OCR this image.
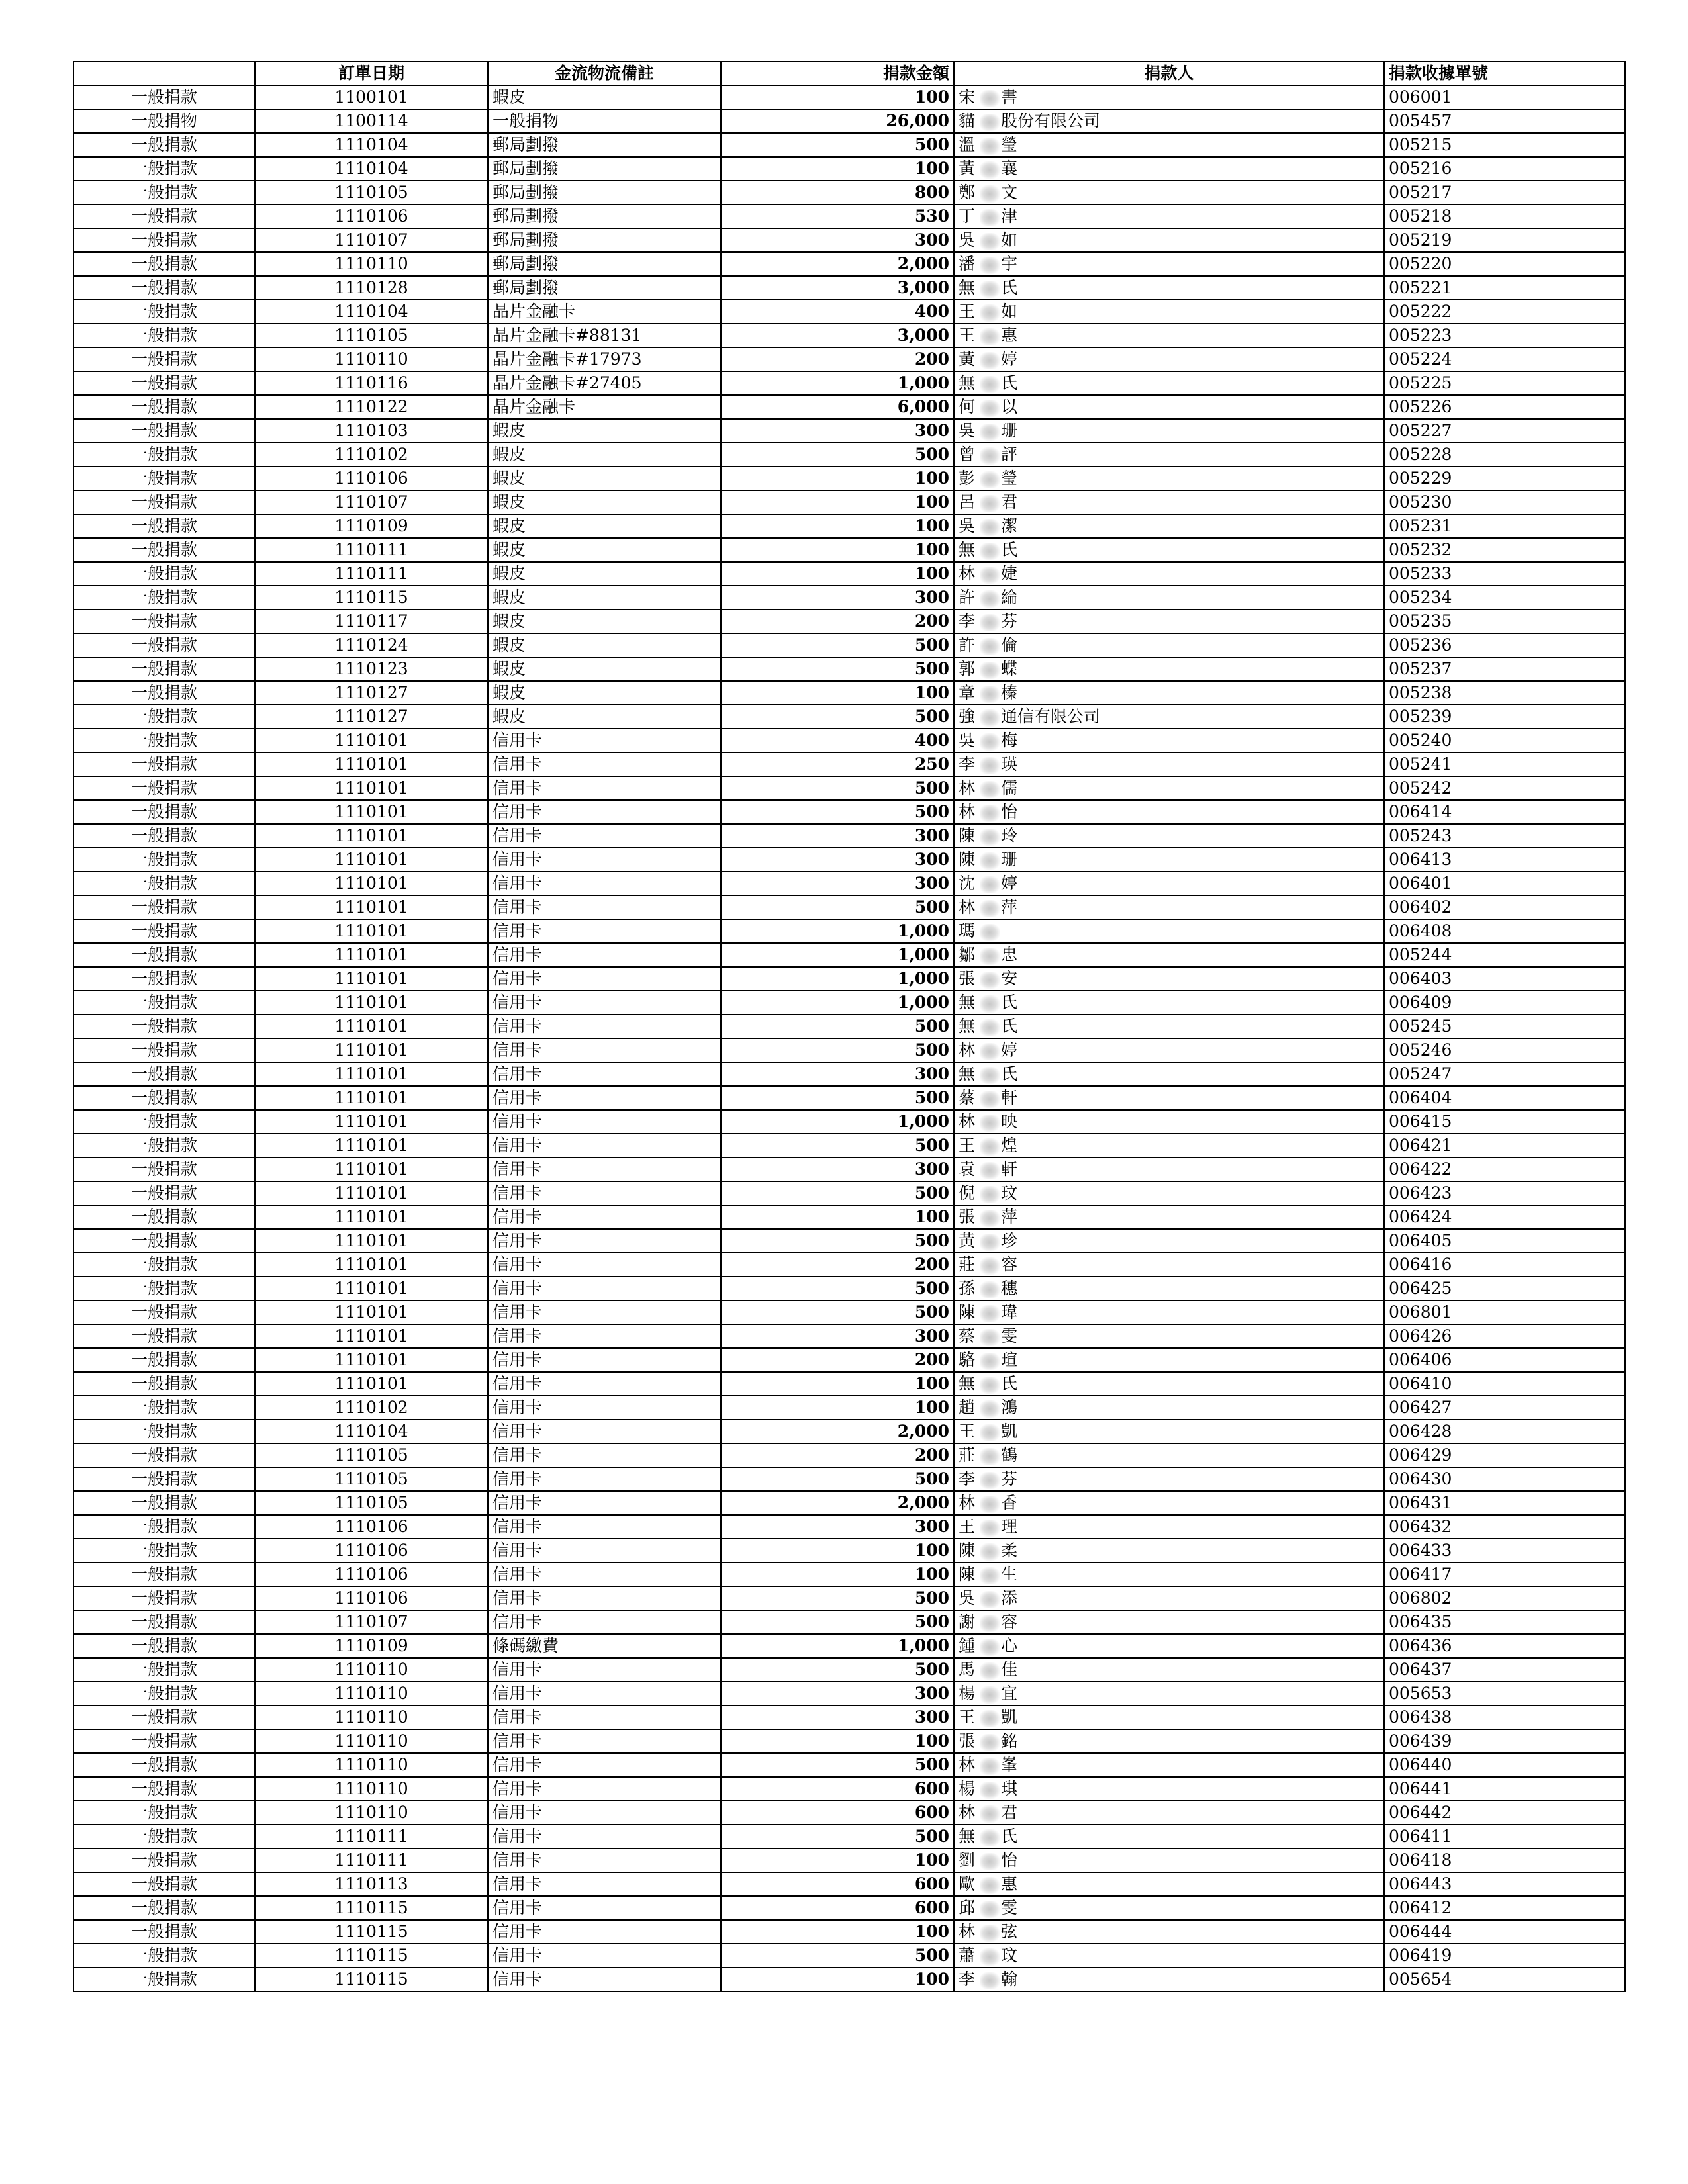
	訂單日期	金流物流備註	捐款金額	捐款人	捐款收據單號
一般捐款	1100101	蝦皮	100	宋 書	006001
一般捐物	1100114	一般捐物	26,000	貓 股份有限公司	005457
一般捐款	1110104	郵局劃撥	500	溫 瑩	005215
一般捐款	1110104	郵局劃撥	100	黃 襄	005216
一般捐款	1110105	郵局劃撥	800	鄭 文	005217
一般捐款	1110106	郵局劃撥	530	丁 津	005218
一般捐款	1110107	郵局劃撥	300	吳 如	005219
一般捐款	1110110	郵局劃撥	2,000	潘 宇	005220
一般捐款	1110128	郵局劃撥	3,000	無 氏	005221
一般捐款	1110104	晶片金融卡	400	王 如	005222
一般捐款	1110105	晶片金融卡#88131	3,000	王 惠	005223
一般捐款	1110110	晶片金融卡#17973	200	黃 婷	005224
一般捐款	1110116	晶片金融卡#27405	1,000	無 氏	005225
一般捐款	1110122	晶片金融卡	6,000	何 以	005226
一般捐款	1110103	蝦皮	300	吳 珊	005227
一般捐款	1110102	蝦皮	500	曾 評	005228
一般捐款	1110106	蝦皮	100	彭 瑩	005229
一般捐款	1110107	蝦皮	100	呂 君	005230
一般捐款	1110109	蝦皮	100	吳 潔	005231
一般捐款	1110111	蝦皮	100	無 氏	005232
一般捐款	1110111	蝦皮	100	林 婕	005233
一般捐款	1110115	蝦皮	300	許 綸	005234
一般捐款	1110117	蝦皮	200	李 芬	005235
一般捐款	1110124	蝦皮	500	許 倫	005236
一般捐款	1110123	蝦皮	500	郭 蝶	005237
一般捐款	1110127	蝦皮	100	章 榛	005238
一般捐款	1110127	蝦皮	500	強 通信有限公司	005239
一般捐款	1110101	信用卡	400	吳 梅	005240
一般捐款	1110101	信用卡	250	李 瑛	005241
一般捐款	1110101	信用卡	500	林 儒	005242
一般捐款	1110101	信用卡	500	林 怡	006414
一般捐款	1110101	信用卡	300	陳 玲	005243
一般捐款	1110101	信用卡	300	陳 珊	006413
一般捐款	1110101	信用卡	300	沈 婷	006401
一般捐款	1110101	信用卡	500	林 萍	006402
一般捐款	1110101	信用卡	1,000	瑪	006408
一般捐款	1110101	信用卡	1,000	鄒 忠	005244
一般捐款	1110101	信用卡	1,000	張 安	006403
一般捐款	1110101	信用卡	1,000	無 氏	006409
一般捐款	1110101	信用卡	500	無 氏	005245
一般捐款	1110101	信用卡	500	林 婷	005246
一般捐款	1110101	信用卡	300	無 氏	005247
一般捐款	1110101	信用卡	500	蔡 軒	006404
一般捐款	1110101	信用卡	1,000	林 映	006415
一般捐款	1110101	信用卡	500	王 煌	006421
一般捐款	1110101	信用卡	300	袁 軒	006422
一般捐款	1110101	信用卡	500	倪 玟	006423
一般捐款	1110101	信用卡	100	張 萍	006424
一般捐款	1110101	信用卡	500	黃 珍	006405
一般捐款	1110101	信用卡	200	莊 容	006416
一般捐款	1110101	信用卡	500	孫 穗	006425
一般捐款	1110101	信用卡	500	陳 瑋	006801
一般捐款	1110101	信用卡	300	蔡 雯	006426
一般捐款	1110101	信用卡	200	駱 瑄	006406
一般捐款	1110101	信用卡	100	無 氏	006410
一般捐款	1110102	信用卡	100	趙 鴻	006427
一般捐款	1110104	信用卡	2,000	王 凱	006428
一般捐款	1110105	信用卡	200	莊 鶴	006429
一般捐款	1110105	信用卡	500	李 芬	006430
一般捐款	1110105	信用卡	2,000	林 香	006431
一般捐款	1110106	信用卡	300	王 理	006432
一般捐款	1110106	信用卡	100	陳 柔	006433
一般捐款	1110106	信用卡	100	陳 生	006417
一般捐款	1110106	信用卡	500	吳 添	006802
一般捐款	1110107	信用卡	500	謝 容	006435
一般捐款	1110109	條碼繳費	1,000	鍾 心	006436
一般捐款	1110110	信用卡	500	馬 佳	006437
一般捐款	1110110	信用卡	300	楊 宜	005653
一般捐款	1110110	信用卡	300	王 凱	006438
一般捐款	1110110	信用卡	100	張 銘	006439
一般捐款	1110110	信用卡	500	林 峯	006440
一般捐款	1110110	信用卡	600	楊 琪	006441
一般捐款	1110110	信用卡	600	林 君	006442
一般捐款	1110111	信用卡	500	無 氏	006411
一般捐款	1110111	信用卡	100	劉 怡	006418
一般捐款	1110113	信用卡	600	歐 惠	006443
一般捐款	1110115	信用卡	600	邱 雯	006412
一般捐款	1110115	信用卡	100	林 弦	006444
一般捐款	1110115	信用卡	500	蕭 玟	006419
一般捐款	1110115	信用卡	100	李 翰	005654
